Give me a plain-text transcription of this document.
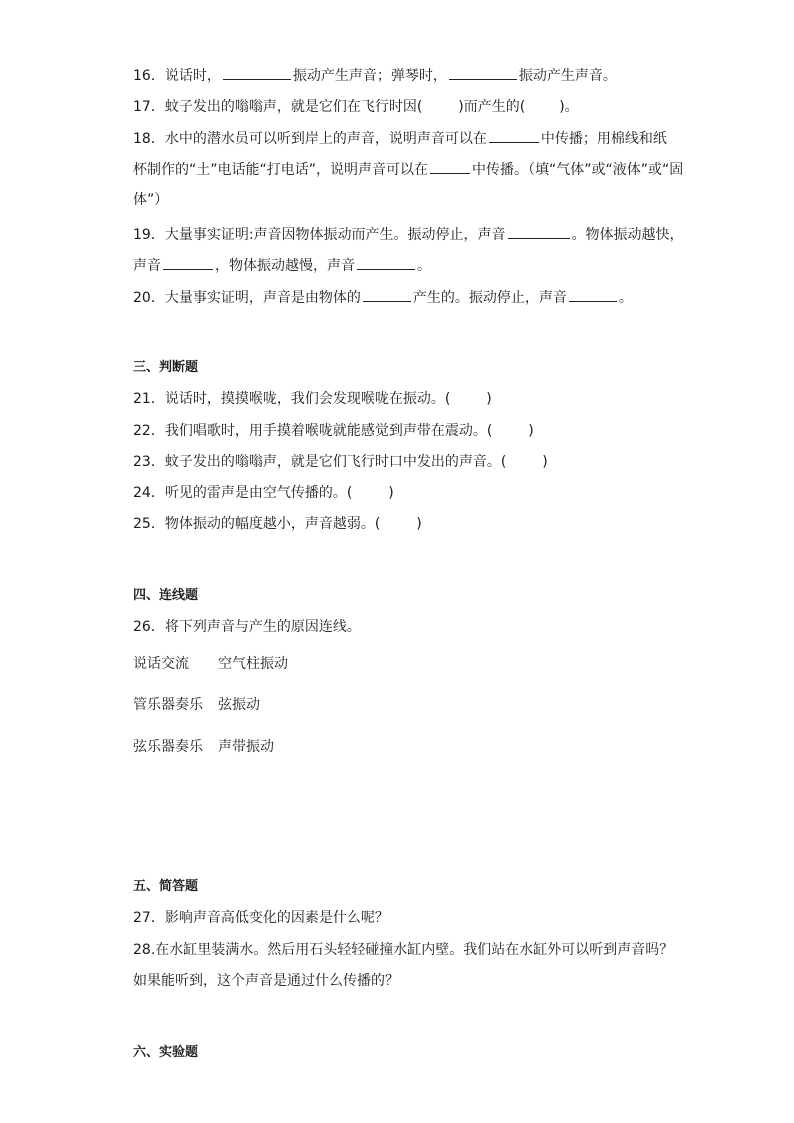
16．说话时，	振动产生声音；弹琴时，	振动产生声音。
17．蚊子发出的嗡嗡声，就是它们在飞行时因(	)而产生的( )。
18．水中的潜水员可以听到岸上的声音，说明声音可以在	中传播；用棉线和纸
杯制作的“土”电话能“打电话”，说明声音可以在	中传播。（填“气体”或“液体”或“固
体”）
19．大量事实证明:声音因物体振动而产生。振动停止，声音	。物体振动越快，
声音	，物体振动越慢，声音	。
20．大量事实证明，声音是由物体的	产生的。振动停止，声音	。
三、判断题
21．说话时，摸摸喉咙，我们会发现喉咙在振动。(	)
22．我们唱歌时，用手摸着喉咙就能感觉到声带在震动。(	)
23．蚊子发出的嗡嗡声，就是它们飞行时口中发出的声音。(	)
24．听见的雷声是由空气传播的。(	)
25．物体振动的幅度越小，声音越弱。(	)
四、连线题
26．将下列声音与产生的原因连线。
说话交流 空气柱振动
管乐器奏乐 弦振动
弦乐器奏乐 声带振动
五、简答题
27．影响声音高低变化的因素是什么呢？
28.在水缸里装满水。然后用石头轻轻碰撞水缸内壁。我们站在水缸外可以听到声音吗？
如果能听到，这个声音是通过什么传播的？
六、实验题
